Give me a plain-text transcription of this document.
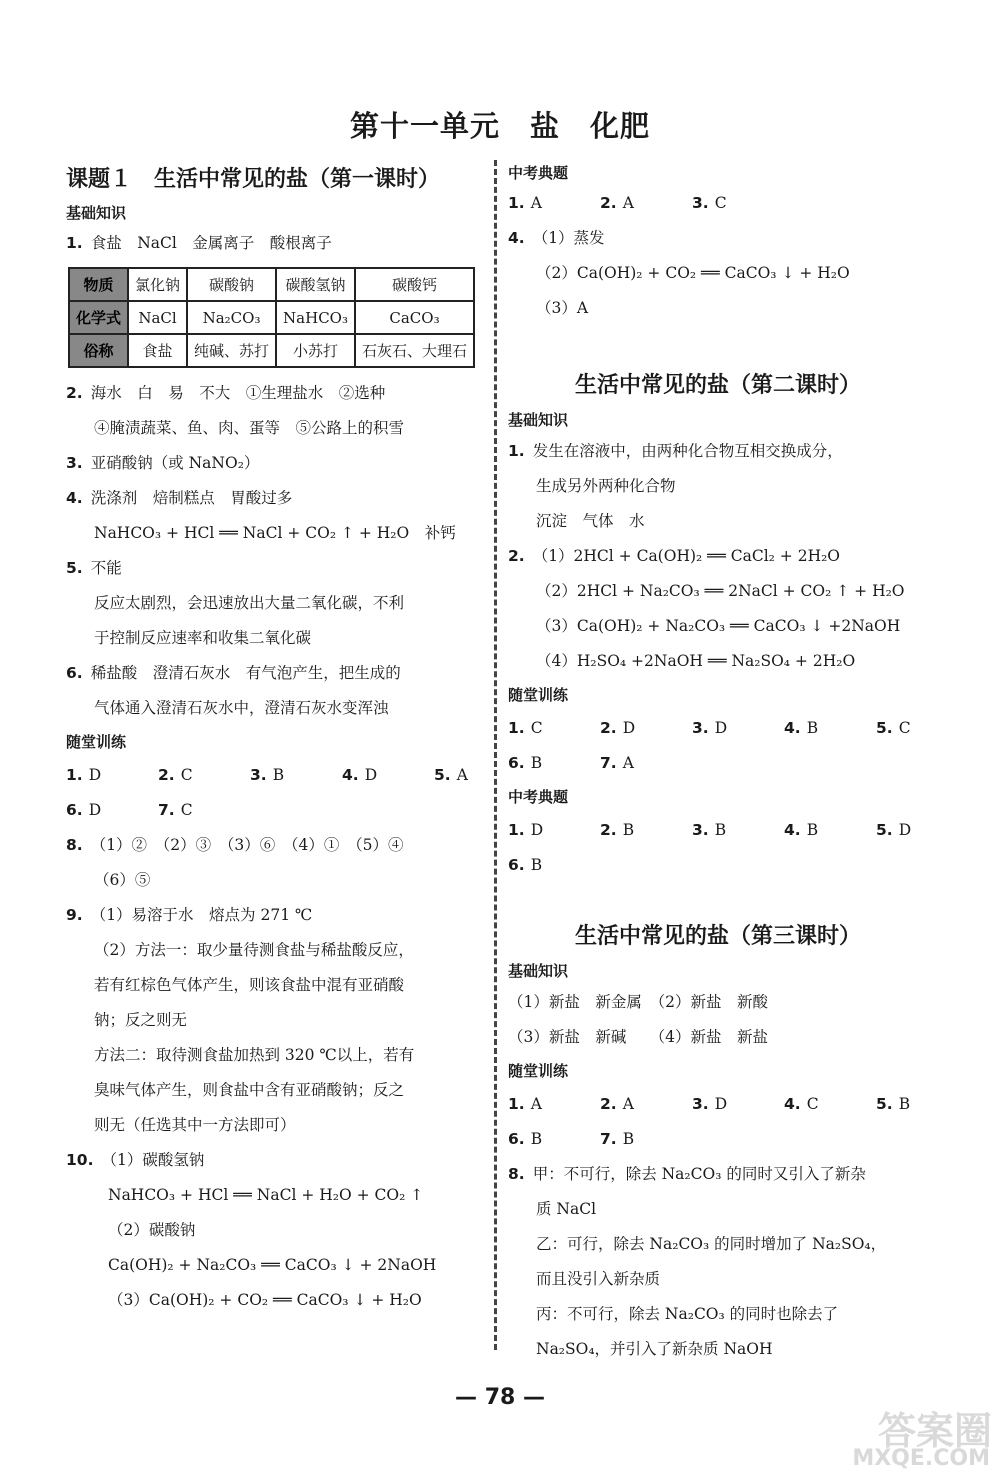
第十一单元　盐　化肥
课题１　生活中常见的盐（第一课时）
基础知识
1. 食盐　NaCl　金属离子　酸根离子
物质	氯化钠	碳酸钠	碳酸氢钠	碳酸钙
化学式	NaCl	Na₂CO₃	NaHCO₃	CaCO₃
俗称	食盐	纯碱、苏打	小苏打	石灰石、大理石
2. 海水　白　易　不大　①生理盐水　②选种
④腌渍蔬菜、鱼、肉、蛋等　⑤公路上的积雪
3. 亚硝酸钠（或 NaNO₂）
4. 洗涤剂　焙制糕点　胃酸过多
NaHCO₃ + HCl ══ NaCl + CO₂ ↑ + H₂O　补钙
5. 不能
反应太剧烈，会迅速放出大量二氧化碳，不利
于控制反应速率和收集二氧化碳
6. 稀盐酸　澄清石灰水　有气泡产生，把生成的
气体通入澄清石灰水中，澄清石灰水变浑浊
随堂训练
1. D	2. C	3. B	4. D	5. A
6. D	7. C
8. （1）②　（2）③　（3）⑥　（4）①　（5）④
（6）⑤
9. （1）易溶于水　熔点为 271 ℃
（2）方法一：取少量待测食盐与稀盐酸反应，
若有红棕色气体产生，则该食盐中混有亚硝酸
钠；反之则无
方法二：取待测食盐加热到 320 ℃以上，若有
臭味气体产生，则食盐中含有亚硝酸钠；反之
则无（任选其中一方法即可）
10. （1）碳酸氢钠
NaHCO₃ + HCl ══ NaCl + H₂O + CO₂ ↑
（2）碳酸钠
Ca(OH)₂ + Na₂CO₃ ══ CaCO₃ ↓ + 2NaOH
（3）Ca(OH)₂ + CO₂ ══ CaCO₃ ↓ + H₂O
中考典题
1. A	2. A	3. C
4. （1）蒸发
（2）Ca(OH)₂ + CO₂ ══ CaCO₃ ↓ + H₂O
（3）A
生活中常见的盐（第二课时）
基础知识
1. 发生在溶液中，由两种化合物互相交换成分，
生成另外两种化合物
沉淀　气体　水
2. （1）2HCl + Ca(OH)₂ ══ CaCl₂ + 2H₂O
（2）2HCl + Na₂CO₃ ══ 2NaCl + CO₂ ↑ + H₂O
（3）Ca(OH)₂ + Na₂CO₃ ══ CaCO₃ ↓ +2NaOH
（4）H₂SO₄ +2NaOH ══ Na₂SO₄ + 2H₂O
随堂训练
1. C	2. D	3. D	4. B	5. C
6. B	7. A
中考典题
1. D	2. B	3. B	4. B	5. D
6. B
生活中常见的盐（第三课时）
基础知识
（1）新盐　新金属　（2）新盐　新酸
（3）新盐　新碱　　（4）新盐　新盐
随堂训练
1. A	2. A	3. D	4. C	5. B
6. B	7. B
8. 甲：不可行，除去 Na₂CO₃ 的同时又引入了新杂
质 NaCl
乙：可行，除去 Na₂CO₃ 的同时增加了 Na₂SO₄，
而且没引入新杂质
丙：不可行，除去 Na₂CO₃ 的同时也除去了
Na₂SO₄，并引入了新杂质 NaOH
— 78 —
答案圈
MXQE.COM
